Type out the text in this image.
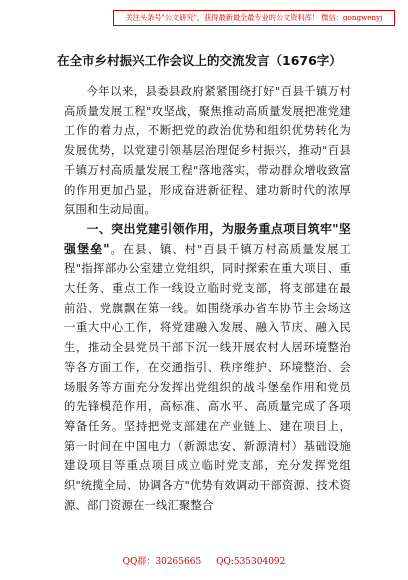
关注头条号"公文研究"，获得最新最全最专业的公文资料库！ 微信：gongwenyj
在全市乡村振兴工作会议上的交流发言（1676字）

今年以来，县委县政府紧紧围绕打好"百县千镇万村高质量发展工程"攻坚战，聚焦推动高质量发展把准党建工作的着力点，不断把党的政治优势和组织优势转化为发展优势，以党建引领基层治理促乡村振兴，推动"百县千镇万村高质量发展工程"落地落实，带动群众增收致富的作用更加凸显，形成奋进新征程、建功新时代的浓厚氛围和生动局面。

一、突出党建引领作用，为服务重点项目筑牢"坚强堡垒"。在县、镇、村"百县千镇万村高质量发展工程"指挥部办公室建立党组织，同时探索在重大项目、重大任务、重点工作一线设立临时党支部，将支部建在最前沿、党旗飘在第一线。如围绕承办省车协节主会场这一重大中心工作，将党建融入发展、融入节庆、融入民生，推动全县党员干部下沉一线开展农村人居环境整治等各方面工作，在交通指引、秩序维护、环境整治、会场服务等方面充分发挥出党组织的战斗堡垒作用和党员的先锋模范作用，高标准、高水平、高质量完成了各项筹备任务。坚持把党支部建在产业链上、建在项目上，第一时间在中国电力（新源忠安、新源清村）基础设施建设项目等重点项目成立临时党支部，充分发挥党组织"统揽全局、协调各方"优势有效调动干部资源、技术资源、部门资源在一线汇聚整合

QQ群：30265665 QQ:535304092
